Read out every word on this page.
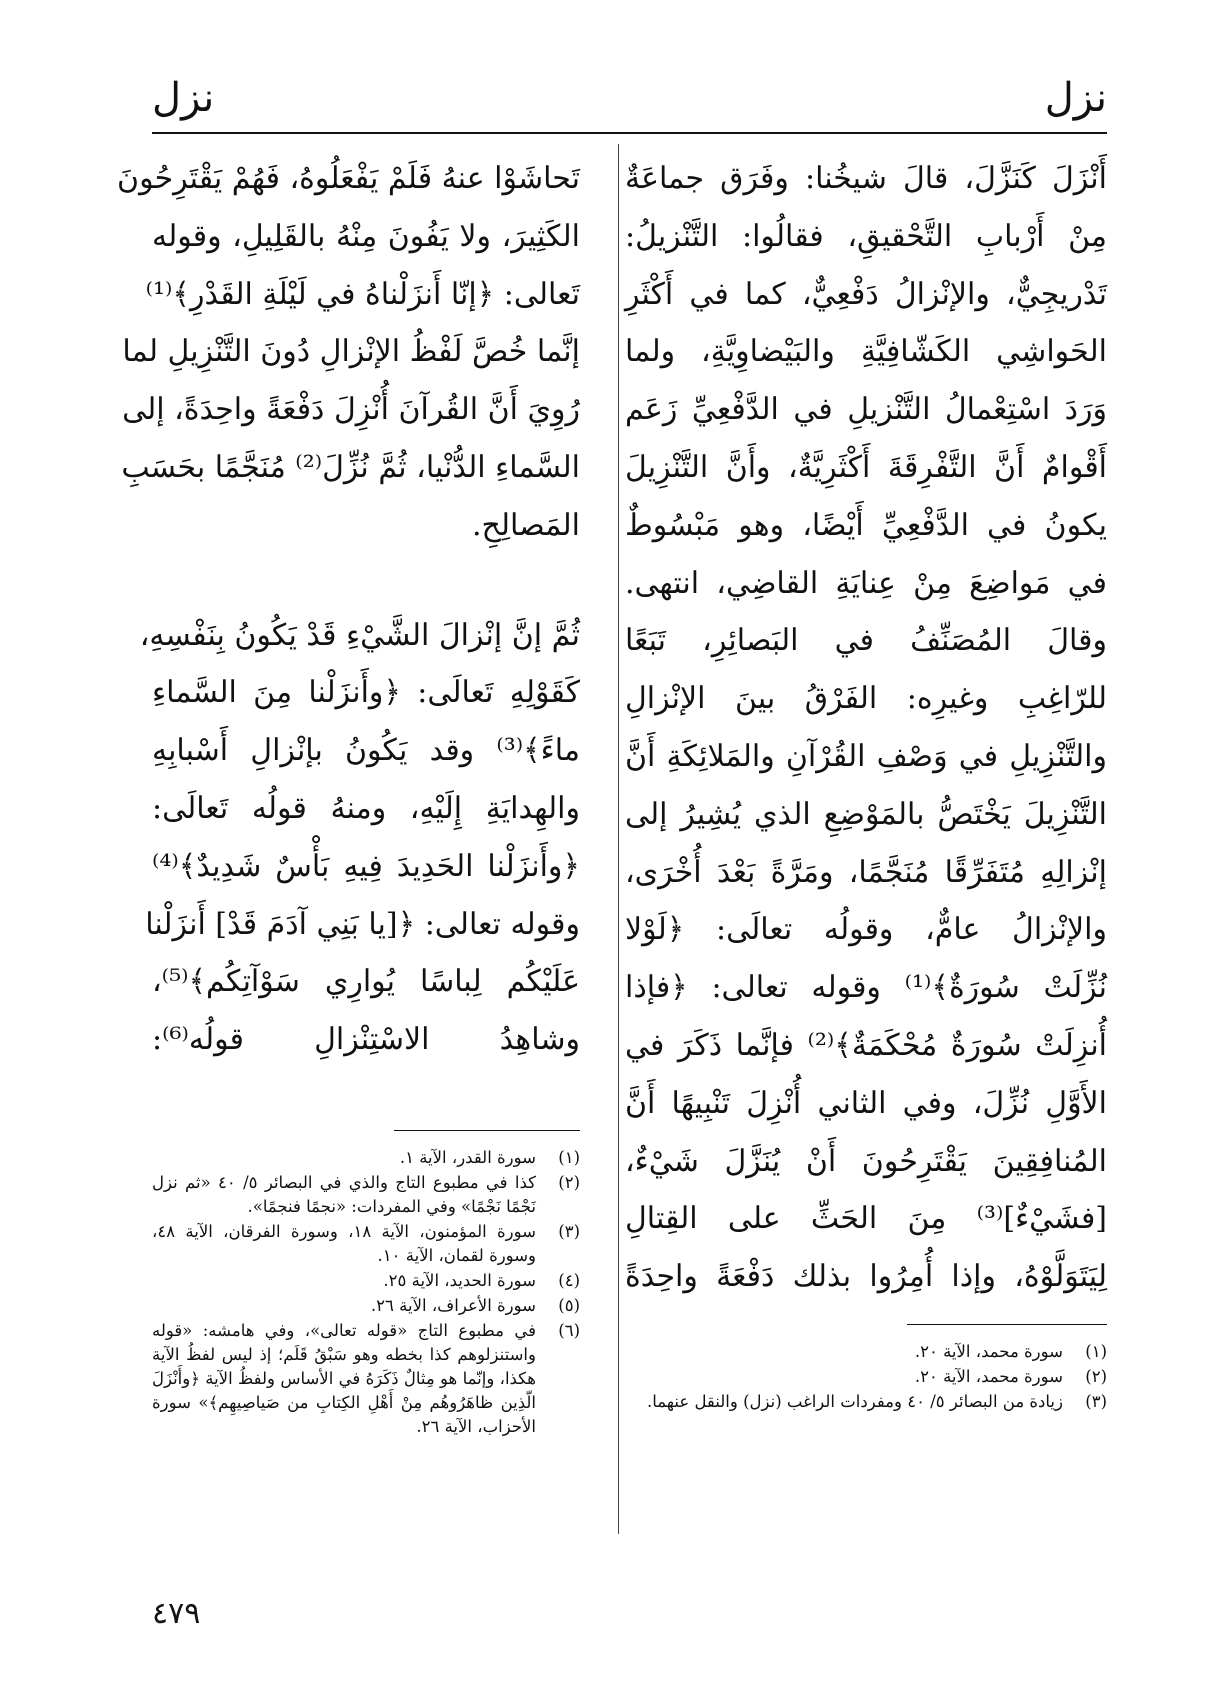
نزل
نزل
أَنْزَلَ كَنَزَّلَ، قالَ شيخُنا: وفَرَق جماعَةٌ
مِنْ أَرْبابِ التَّحْقيقِ، فقالُوا: التَّنْزيلُ:
تَدْريجِيٌّ، والإنْزالُ دَفْعِيٌّ، كما في أَكْثَرِ
الحَواشِي الكَشّافِيَّةِ والبَيْضاوِيَّةِ، ولما
وَرَدَ اسْتِعْمالُ التَّنْزيلِ في الدَّفْعِيِّ زَعَم
أَقْوامٌ أَنَّ التَّفْرِقَةَ أَكْثَرِيَّةٌ، وأَنَّ التَّنْزِيلَ
يكونُ في الدَّفْعِيِّ أَيْضًا، وهو مَبْسُوطٌ
في مَواضِعَ مِنْ عِنايَةِ القاضِي، انتهى.
وقالَ المُصَنِّفُ في البَصائِرِ، تَبَعًا
للرّاغِبِ وغيرِه: الفَرْقُ بينَ الإنْزالِ
والتَّنْزِيلِ في وَصْفِ القُرْآنِ والمَلائِكَةِ أَنَّ
التَّنْزِيلَ يَخْتَصُّ بالمَوْضِعِ الذي يُشِيرُ إلى
إنْزالِهِ مُتَفَرِّقًا مُنَجَّمًا، ومَرَّةً بَعْدَ أُخْرَى،
والإنْزالُ عامٌّ، وقولُه تعالَى: ﴿لَوْلا
نُزِّلَتْ سُورَةٌ﴾⁽¹⁾ وقوله تعالى: ﴿فإذا
أُنزِلَتْ سُورَةٌ مُحْكَمَةٌ﴾⁽²⁾ فإنَّما ذَكَرَ في
الأَوَّلِ نُزِّلَ، وفي الثاني أُنْزِلَ تَنْبِيهًا أَنَّ
المُنافِقِينَ يَقْتَرِحُونَ أَنْ يُنَزَّلَ شَيْءٌ،
[فشَيْءٌ]⁽³⁾ مِنَ الحَثِّ على القِتالِ
لِيَتَوَلَّوْهُ، وإذا أُمِرُوا بذلك دَفْعَةً واحِدَةً
(١)
سورة محمد، الآية ٢٠.
(٢)
سورة محمد، الآية ٢٠.
(٣)
زيادة من البصائر ٥/ ٤٠ ومفردات الراغب (نزل) والنقل عنهما.
تَحاشَوْا عنهُ فَلَمْ يَفْعَلُوهُ، فَهُمْ يَقْتَرِحُونَ
الكَثِيرَ، ولا يَفُونَ مِنْهُ بالقَلِيلِ، وقوله
تَعالى: ﴿إنّا أَنزَلْناهُ في لَيْلَةِ القَدْرِ﴾⁽¹⁾
إنَّما خُصَّ لَفْظُ الإنْزالِ دُونَ التَّنْزِيلِ لما
رُوِيَ أَنَّ القُرآنَ أُنْزِلَ دَفْعَةً واحِدَةً، إلى
السَّماءِ الدُّنْيا، ثُمَّ نُزِّلَ⁽²⁾ مُنَجَّمًا بحَسَبِ
المَصالِحِ.
ثُمَّ إنَّ إنْزالَ الشَّيْءِ قَدْ يَكُونُ بِنَفْسِهِ،
كَقَوْلِهِ تَعالَى: ﴿وأَنزَلْنا مِنَ السَّماءِ
ماءً﴾⁽³⁾ وقد يَكُونُ بإنْزالِ أَسْبابِهِ
والهِدايَةِ إِلَيْهِ، ومنهُ قولُه تَعالَى:
﴿وأَنزَلْنا الحَدِيدَ فِيهِ بَأْسٌ شَدِيدٌ﴾⁽⁴⁾
وقوله تعالى: ﴿[يا بَنِي آدَمَ قَدْ] أَنزَلْنا
عَلَيْكُم لِباسًا يُوارِي سَوْآتِكُم﴾⁽⁵⁾،
وشاهِدُ الاسْتِنْزالِ قولُه⁽⁶⁾:
(١)
سورة القدر، الآية ١.
(٢)
كذا في مطبوع التاج والذي في البصائر ٥/ ٤٠ «ثم نزل نَجْمًا نَجْمًا» وفي المفردات: «نجمًا فنجمًا».
(٣)
سورة المؤمنون، الآية ١٨، وسورة الفرقان، الآية ٤٨، وسورة لقمان، الآية ١٠.
(٤)
سورة الحديد، الآية ٢٥.
(٥)
سورة الأعراف، الآية ٢٦.
(٦)
في مطبوع التاج «قوله تعالى»، وفي هامشه: «قوله واستنزلوهم كذا بخطه وهو سَبْقُ قَلَم؛ إذ ليس لفظُ الآية هكذا، وإنّما هو مِثالٌ ذَكَرَهُ في الأساس ولفظُ الآية ﴿وأَنْزَلَ الّذِين ظاهَرُوهُم مِنْ أَهْلِ الكِتابِ من صَياصِيهِم﴾» سورة الأحزاب، الآية ٢٦.
٤٧٩
